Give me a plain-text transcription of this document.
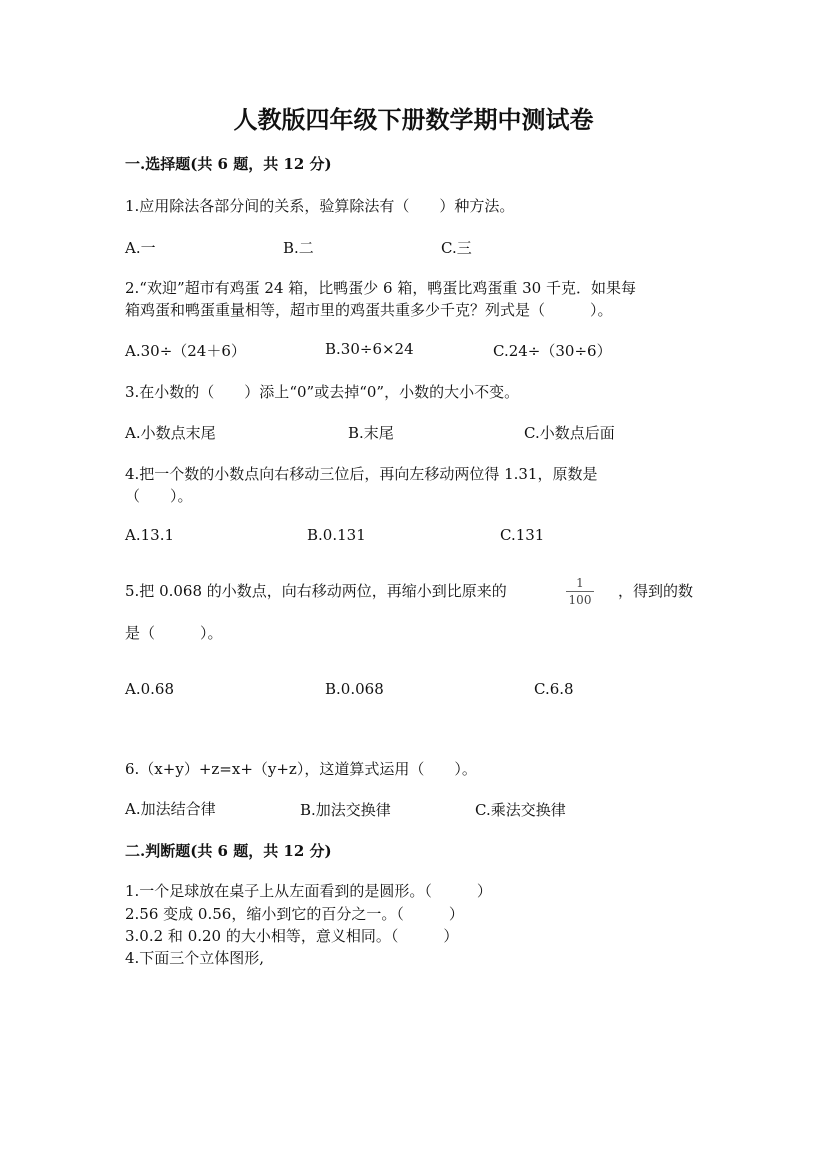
人教版四年级下册数学期中测试卷
一.选择题(共 6 题，共 12 分)
1.应用除法各部分间的关系，验算除法有（　　）种方法。
A.一	B.二	C.三
2.“欢迎”超市有鸡蛋 24 箱，比鸭蛋少 6 箱，鸭蛋比鸡蛋重 30 千克．如果每
箱鸡蛋和鸭蛋重量相等，超市里的鸡蛋共重多少千克？列式是（　　　）。
A.30÷（24＋6）	B.30÷6×24	C.24÷（30÷6）
3.在小数的（　　）添上“0”或去掉“0”，小数的大小不变。
A.小数点末尾	B.末尾	C.小数点后面
4.把一个数的小数点向右移动三位后，再向左移动两位得 1.31，原数是
（　　）。
A.13.1	B.0.131	C.131
5.把 0.068 的小数点，向右移动两位，再缩小到比原来的	1
100 ，得到的数
是（　　　）。
A.0.68	B.0.068	C.6.8
6.（x+y）+z=x+（y+z），这道算式运用（　　）。
A.加法结合律	B.加法交换律	C.乘法交换律
二.判断题(共 6 题，共 12 分)
1.一个足球放在桌子上从左面看到的是圆形。（　　　）
2.56 变成 0.56，缩小到它的百分之一。（　　　）
3.0.2 和 0.20 的大小相等，意义相同。（　　　）
4.下面三个立体图形,
